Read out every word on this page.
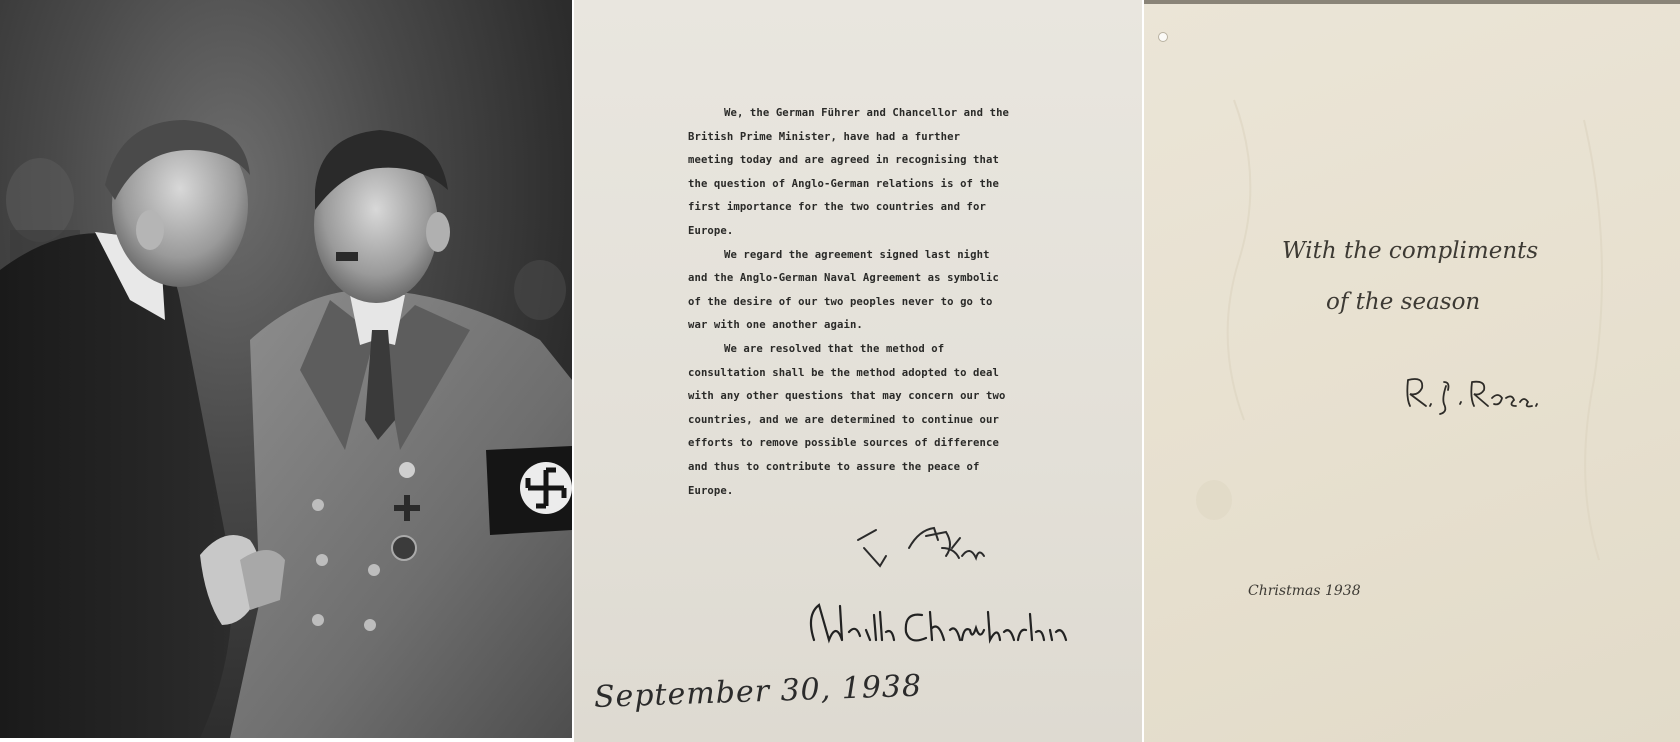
We, the German Führer and Chancellor and the

British Prime Minister, have had a further
meeting today and are agreed in recognising that
the question of Anglo-German relations is of the
first importance for the two countries and for
Europe.

We regard the agreement signed last night

and the Anglo-German Naval Agreement as symbolic
of the desire of our two peoples never to go to
war with one another again.

We are resolved that the method of

consultation shall be the method adopted to deal
with any other questions that may concern our two
countries, and we are determined to continue our
efforts to remove possible sources of difference
and thus to contribute to assure the peace of
Europe.

September 30, 1938
With the compliments
of the season
Christmas 1938
